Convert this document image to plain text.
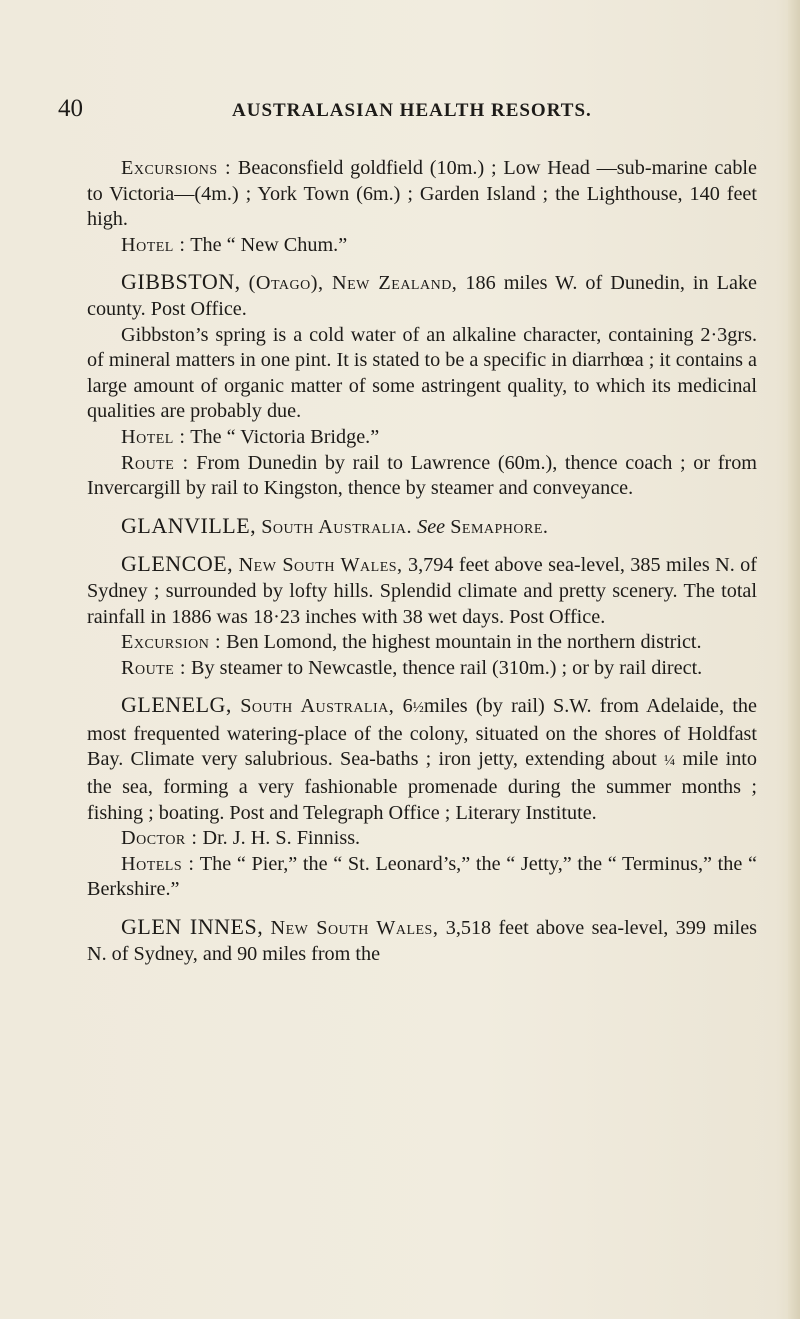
40	AUSTRALASIAN HEALTH RESORTS.

Excursions : Beaconsfield goldfield (10m.) ; Low Head —sub-marine cable to Victoria—(4m.) ; York Town (6m.) ; Garden Island ; the Lighthouse, 140 feet high.

Hotel : The “ New Chum.”

GIBBSTON, (Otago), New Zealand, 186 miles W. of Dunedin, in Lake county. Post Office.

Gibbston’s spring is a cold water of an alkaline character, containing 2·3grs. of mineral matters in one pint. It is stated to be a specific in diarrhœa ; it contains a large amount of organic matter of some astringent quality, to which its medicinal qualities are probably due.

Hotel : The “ Victoria Bridge.”

Route : From Dunedin by rail to Lawrence (60m.), thence coach ; or from Invercargill by rail to Kingston, thence by steamer and conveyance.

GLANVILLE, South Australia. See Semaphore.

GLENCOE, New South Wales, 3,794 feet above sea-level, 385 miles N. of Sydney ; surrounded by lofty hills. Splendid climate and pretty scenery. The total rainfall in 1886 was 18·23 inches with 38 wet days. Post Office.

Excursion : Ben Lomond, the highest mountain in the northern district.

Route : By steamer to Newcastle, thence rail (310m.) ; or by rail direct.

GLENELG, South Australia, 6½miles (by rail) S.W. from Adelaide, the most frequented watering-place of the colony, situated on the shores of Holdfast Bay. Climate very salubrious. Sea-baths ; iron jetty, extending about ¼ mile into the sea, forming a very fashionable promenade during the summer months ; fishing ; boating. Post and Telegraph Office ; Literary Institute.

Doctor : Dr. J. H. S. Finniss.

Hotels : The “ Pier,” the “ St. Leonard’s,” the “ Jetty,” the “ Terminus,” the “ Berkshire.”

GLEN INNES, New South Wales, 3,518 feet above sea-level, 399 miles N. of Sydney, and 90 miles from the
